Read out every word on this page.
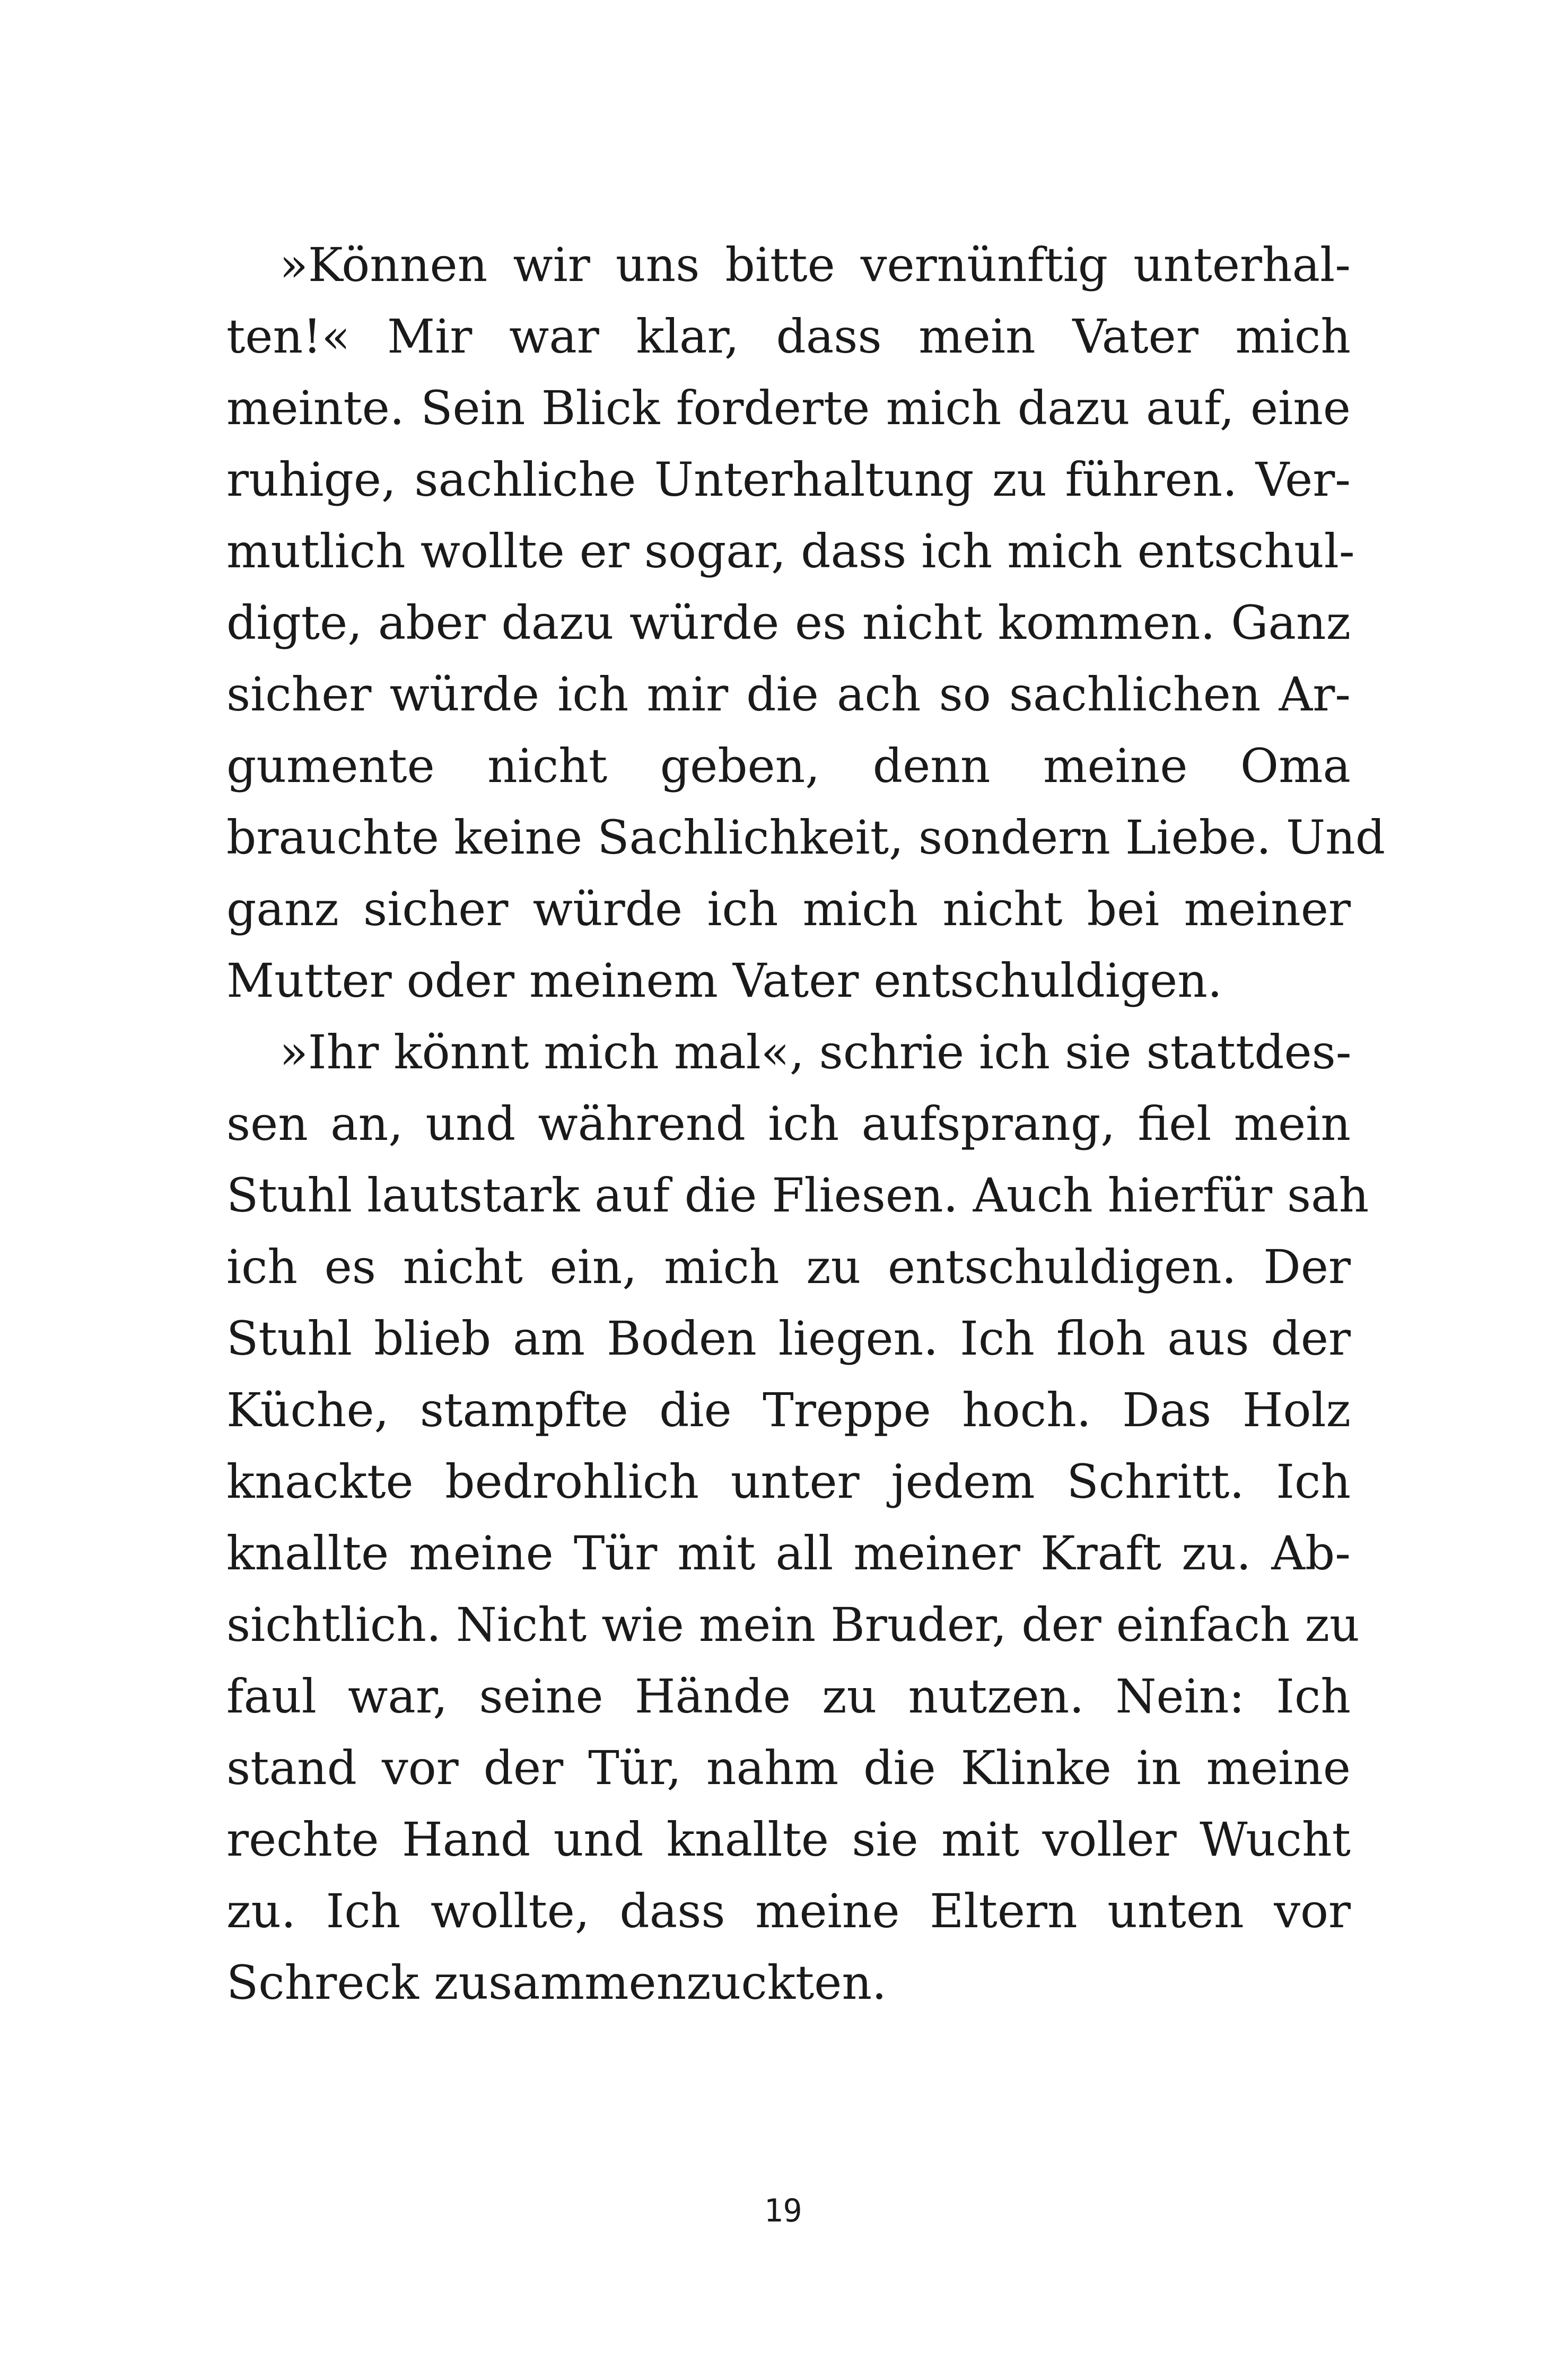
»Können wir uns bitte vernünftig unterhal-
ten!« Mir war klar, dass mein Vater mich
meinte. Sein Blick forderte mich dazu auf, eine
ruhige, sachliche Unterhaltung zu führen. Ver-
mutlich wollte er sogar, dass ich mich entschul-
digte, aber dazu würde es nicht kommen. Ganz
sicher würde ich mir die ach so sachlichen Ar-
gumente nicht geben, denn meine Oma
brauchte keine Sachlichkeit, sondern Liebe. Und
ganz sicher würde ich mich nicht bei meiner
Mutter oder meinem Vater entschuldigen.
»Ihr könnt mich mal«, schrie ich sie stattdes-
sen an, und während ich aufsprang, fiel mein
Stuhl lautstark auf die Fliesen. Auch hierfür sah
ich es nicht ein, mich zu entschuldigen. Der
Stuhl blieb am Boden liegen. Ich floh aus der
Küche, stampfte die Treppe hoch. Das Holz
knackte bedrohlich unter jedem Schritt. Ich
knallte meine Tür mit all meiner Kraft zu. Ab-
sichtlich. Nicht wie mein Bruder, der einfach zu
faul war, seine Hände zu nutzen. Nein: Ich
stand vor der Tür, nahm die Klinke in meine
rechte Hand und knallte sie mit voller Wucht
zu. Ich wollte, dass meine Eltern unten vor
Schreck zusammenzuckten.
19
